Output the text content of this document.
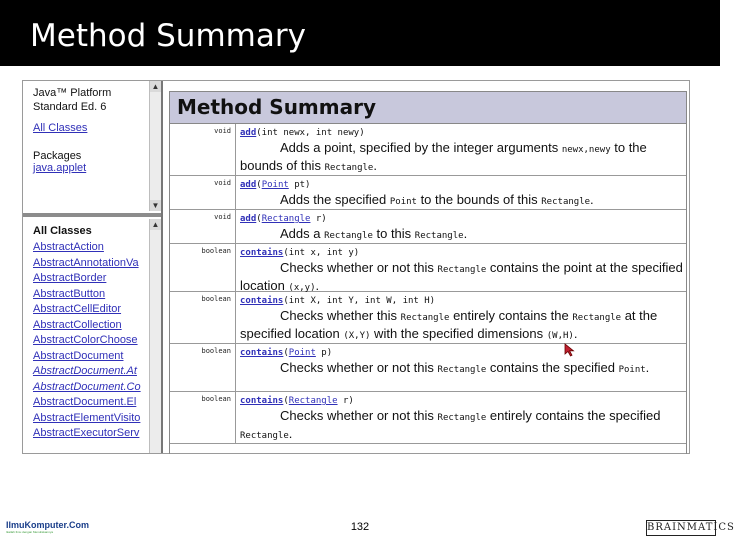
Method Summary
Java™ Platform
Standard Ed. 6
All Classes
Packages
java.applet
▲
▼
All Classes
AbstractAction
AbstractAnnotationVa
AbstractBorder
AbstractButton
AbstractCellEditor
AbstractCollection
AbstractColorChoose
AbstractDocument
AbstractDocument.At
AbstractDocument.Co
AbstractDocument.El
AbstractElementVisito
AbstractExecutorServ
▲
Method Summary
void	add(int newx, int newy)
Adds a point, specified by the integer arguments newx,newy to the bounds of this Rectangle.
void	add(Point pt)
Adds the specified Point to the bounds of this Rectangle.
void	add(Rectangle r)
Adds a Rectangle to this Rectangle.
boolean	contains(int x, int y)
Checks whether or not this Rectangle contains the point at the specified location (x,y).
boolean	contains(int X, int Y, int W, int H)
Checks whether this Rectangle entirely contains the Rectangle at the specified location (X,Y) with the specified dimensions (W,H).
boolean	contains(Point p)
Checks whether or not this Rectangle contains the specified Point.
boolean	contains(Rectangle r)
Checks whether or not this Rectangle entirely contains the specified Rectangle.
IlmuKomputer.Com
Ikatlah Ilmu dengan Menuliskannya	132	BRAINMATICS
